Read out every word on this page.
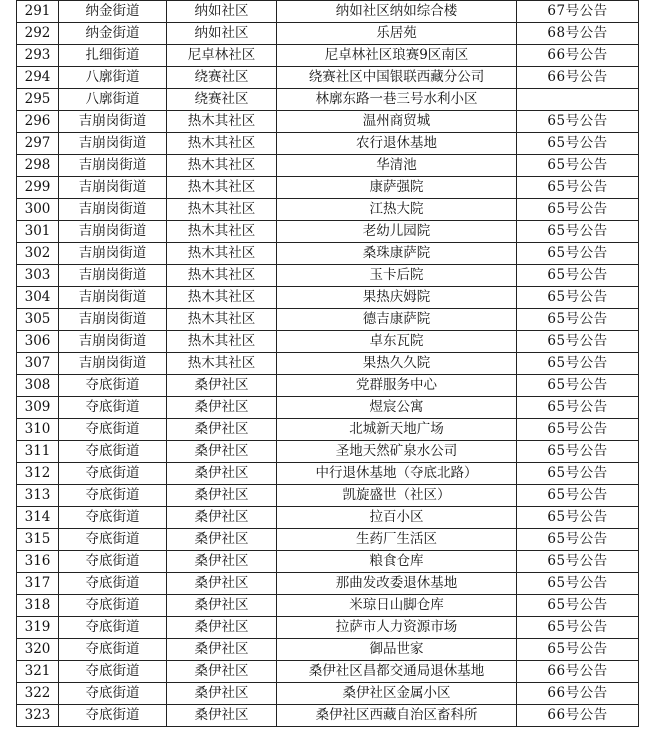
291	纳金街道	纳如社区	纳如社区纳如综合楼	67号公告
292	纳金街道	纳如社区	乐居苑	68号公告
293	扎细街道	尼卓林社区	尼卓林社区琅赛9区南区	66号公告
294	八廓街道	绕赛社区	绕赛社区中国银联西藏分公司	66号公告
295	八廓街道	绕赛社区	林廓东路一巷三号水利小区	
296	吉崩岗街道	热木其社区	温州商贸城	65号公告
297	吉崩岗街道	热木其社区	农行退休基地	65号公告
298	吉崩岗街道	热木其社区	华清池	65号公告
299	吉崩岗街道	热木其社区	康萨强院	65号公告
300	吉崩岗街道	热木其社区	江热大院	65号公告
301	吉崩岗街道	热木其社区	老幼儿园院	65号公告
302	吉崩岗街道	热木其社区	桑珠康萨院	65号公告
303	吉崩岗街道	热木其社区	玉卡后院	65号公告
304	吉崩岗街道	热木其社区	果热庆姆院	65号公告
305	吉崩岗街道	热木其社区	德吉康萨院	65号公告
306	吉崩岗街道	热木其社区	卓东瓦院	65号公告
307	吉崩岗街道	热木其社区	果热久久院	65号公告
308	夺底街道	桑伊社区	党群服务中心	65号公告
309	夺底街道	桑伊社区	煜宸公寓	65号公告
310	夺底街道	桑伊社区	北城新天地广场	65号公告
311	夺底街道	桑伊社区	圣地天然矿泉水公司	65号公告
312	夺底街道	桑伊社区	中行退休基地（夺底北路）	65号公告
313	夺底街道	桑伊社区	凯旋盛世（社区）	65号公告
314	夺底街道	桑伊社区	拉百小区	65号公告
315	夺底街道	桑伊社区	生药厂生活区	65号公告
316	夺底街道	桑伊社区	粮食仓库	65号公告
317	夺底街道	桑伊社区	那曲发改委退休基地	65号公告
318	夺底街道	桑伊社区	米琼日山脚仓库	65号公告
319	夺底街道	桑伊社区	拉萨市人力资源市场	65号公告
320	夺底街道	桑伊社区	御品世家	65号公告
321	夺底街道	桑伊社区	桑伊社区昌都交通局退休基地	66号公告
322	夺底街道	桑伊社区	桑伊社区金属小区	66号公告
323	夺底街道	桑伊社区	桑伊社区西藏自治区畜科所	66号公告
